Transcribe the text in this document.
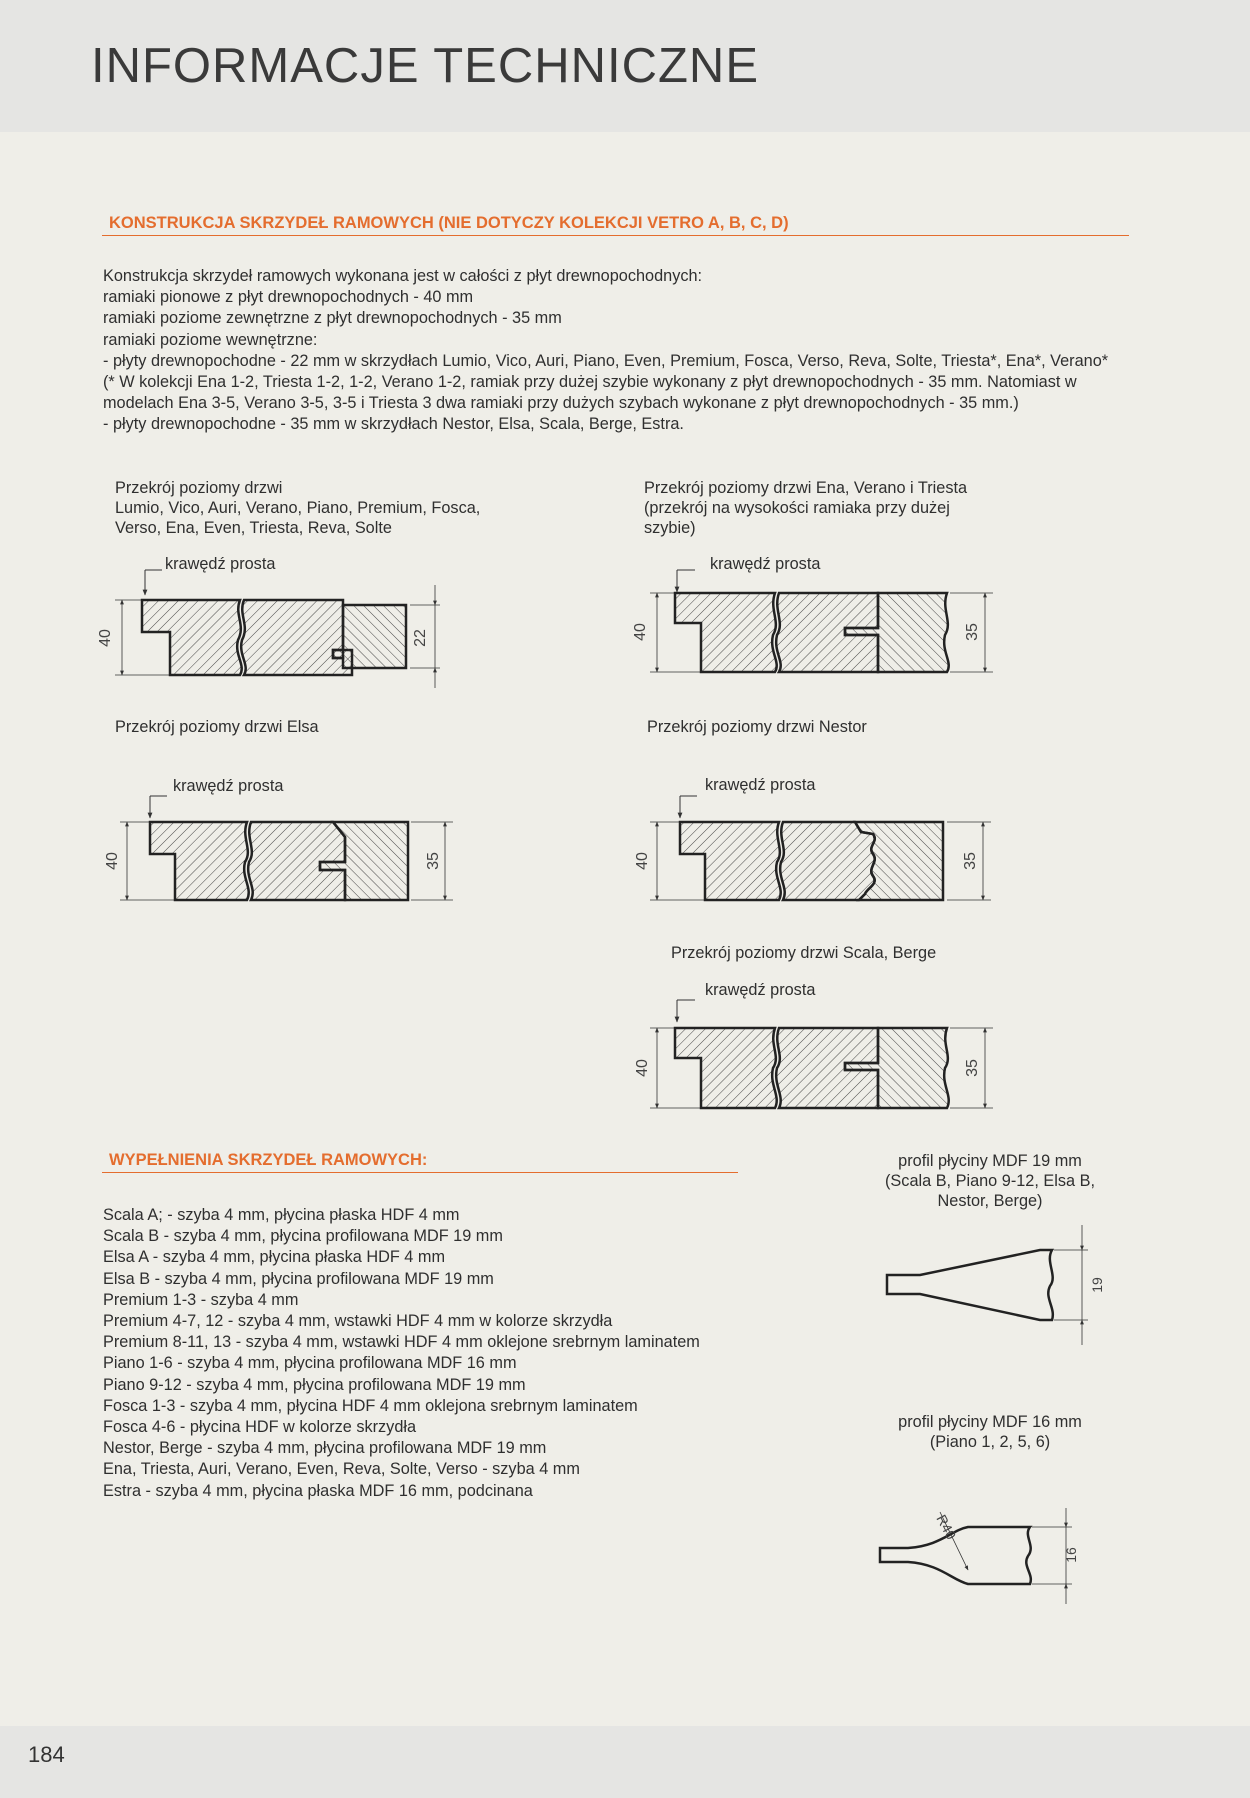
INFORMACJE TECHNICZNE
KONSTRUKCJA SKRZYDEŁ RAMOWYCH (NIE DOTYCZY KOLEKCJI VETRO A, B, C, D)
Konstrukcja skrzydeł ramowych wykonana jest w całości z płyt drewnopochodnych:
ramiaki pionowe z płyt drewnopochodnych - 40 mm
ramiaki poziome zewnętrzne z płyt drewnopochodnych - 35 mm
ramiaki poziome wewnętrzne:
- płyty drewnopochodne - 22 mm w skrzydłach Lumio, Vico, Auri, Piano, Even, Premium, Fosca, Verso, Reva, Solte, Triesta*, Ena*, Verano*
(* W kolekcji Ena 1-2, Triesta 1-2, 1-2, Verano 1-2, ramiak przy dużej szybie wykonany z płyt drewnopochodnych - 35 mm. Natomiast w
modelach Ena 3-5, Verano 3-5, 3-5 i Triesta 3 dwa ramiaki przy dużych szybach wykonane z płyt drewnopochodnych - 35 mm.)
- płyty drewnopochodne - 35 mm w skrzydłach Nestor, Elsa, Scala, Berge, Estra.
Przekrój poziomy drzwi
Lumio, Vico, Auri, Verano, Piano, Premium, Fosca,
Verso, Ena, Even, Triesta, Reva, Solte
krawędź prosta
40	22
Przekrój poziomy drzwi Ena, Verano i Triesta
(przekrój na wysokości ramiaka przy dużej
szybie)
krawędź prosta
40	35
Przekrój poziomy drzwi Elsa
krawędź prosta
40	35
Przekrój poziomy drzwi Nestor
krawędź prosta
40	35
Przekrój poziomy drzwi Scala, Berge
krawędź prosta
40	35
WYPEŁNIENIA SKRZYDEŁ RAMOWYCH:
Scala A; - szyba 4 mm, płycina płaska HDF 4 mm
Scala B - szyba 4 mm, płycina profilowana MDF 19 mm
Elsa A - szyba 4 mm, płycina płaska HDF 4 mm
Elsa B - szyba 4 mm, płycina profilowana MDF 19 mm
Premium 1-3 - szyba 4 mm
Premium 4-7, 12 - szyba 4 mm, wstawki HDF 4 mm w kolorze skrzydła
Premium 8-11, 13 - szyba 4 mm, wstawki HDF 4 mm oklejone srebrnym laminatem
Piano 1-6 - szyba 4 mm, płycina profilowana MDF 16 mm
Piano 9-12 - szyba 4 mm, płycina profilowana MDF 19 mm
Fosca 1-3 - szyba 4 mm, płycina HDF 4 mm oklejona srebrnym laminatem
Fosca 4-6 - płycina HDF w kolorze skrzydła
Nestor, Berge - szyba 4 mm, płycina profilowana MDF 19 mm
Ena, Triesta, Auri, Verano, Even, Reva, Solte, Verso - szyba 4 mm
Estra - szyba 4 mm, płycina płaska MDF 16 mm, podcinana
profil płyciny MDF 19 mm
(Scala B, Piano 9-12, Elsa B,
Nestor, Berge)
19
profil płyciny MDF 16 mm
(Piano 1, 2, 5, 6)
R40
16
184
